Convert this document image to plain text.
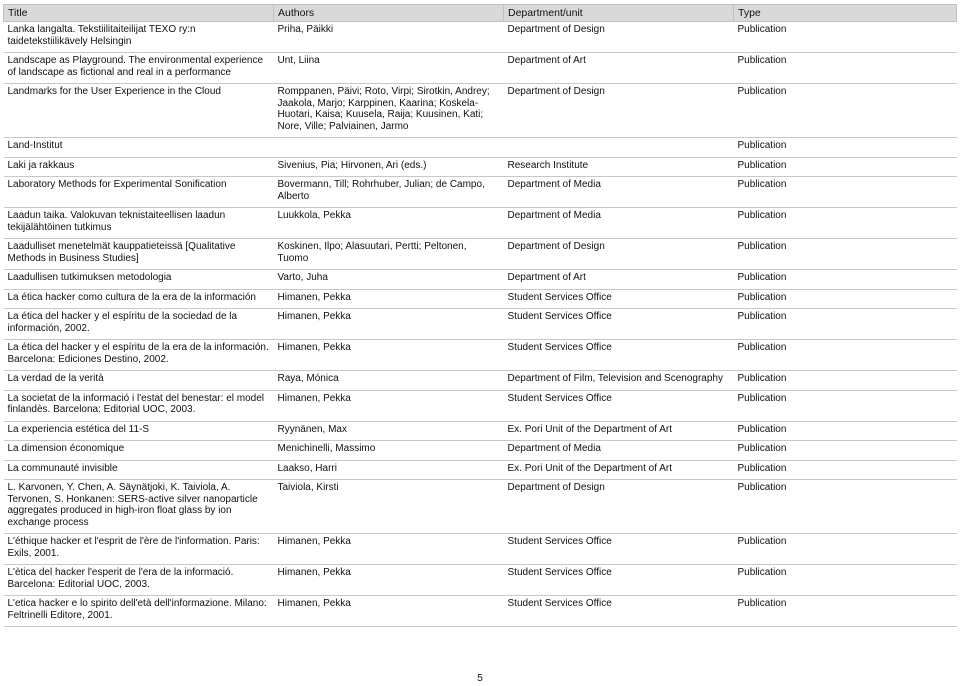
Title	Authors	Department/unit	Type
Lanka langalta. Tekstiilitaiteilijat TEXO ry:n taidetekstiilikävely Helsingin	Priha, Päikki	Department of Design	Publication
Landscape as Playground. The environmental experience of landscape as fictional and real in a performance	Unt, Liina	Department of Art	Publication
Landmarks for the User Experience in the Cloud	Romppanen, Päivi; Roto, Virpi; Sirotkin, Andrey; Jaakola, Marjo; Karppinen, Kaarina; Koskela-Huotari, Kaisa; Kuusela, Raija; Kuusinen, Kati; Nore, Ville; Palviainen, Jarmo	Department of Design	Publication
Land-Institut			Publication
Laki ja rakkaus	Sivenius, Pia; Hirvonen, Ari (eds.)	Research Institute	Publication
Laboratory Methods for Experimental Sonification	Bovermann, Till; Rohrhuber, Julian; de Campo, Alberto	Department of Media	Publication
Laadun taika. Valokuvan teknistaiteellisen laadun tekijälähtöinen tutkimus	Luukkola, Pekka	Department of Media	Publication
Laadulliset menetelmät kauppatieteissä [Qualitative Methods in Business Studies]	Koskinen, Ilpo; Alasuutari, Pertti; Peltonen, Tuomo	Department of Design	Publication
Laadullisen tutkimuksen metodologia	Varto, Juha	Department of Art	Publication
La ética hacker como cultura de la era de la información	Himanen, Pekka	Student Services Office	Publication
La ética del hacker y el espíritu de la sociedad de la información, 2002.	Himanen, Pekka	Student Services Office	Publication
La ética del hacker y el espíritu de la era de la información. Barcelona: Ediciones Destino, 2002.	Himanen, Pekka	Student Services Office	Publication
La verdad de la verità	Raya, Mónica	Department of Film, Television and Scenography	Publication
La societat de la informació i l'estat del benestar: el model finlandès. Barcelona: Editorial UOC, 2003.	Himanen, Pekka	Student Services Office	Publication
La experiencia estética del 11-S	Ryynänen, Max	Ex. Pori Unit of the Department of Art	Publication
La dimension économique	Menichinelli, Massimo	Department of Media	Publication
La communauté invisible	Laakso, Harri	Ex. Pori Unit of the Department of Art	Publication
L. Karvonen, Y. Chen, A. Säynätjoki, K. Taiviola, A. Tervonen, S. Honkanen: SERS-active silver nanoparticle aggregates produced in high-iron float glass by ion exchange process	Taiviola, Kirsti	Department of Design	Publication
L'éthique hacker et l'esprit de l'ère de l'information. Paris: Exils, 2001.	Himanen, Pekka	Student Services Office	Publication
L'ètica del hacker l'esperit de l'era de la informació. Barcelona: Editorial UOC, 2003.	Himanen, Pekka	Student Services Office	Publication
L'etica hacker e lo spirito dell'età dell'informazione. Milano: Feltrinelli Editore, 2001.	Himanen, Pekka	Student Services Office	Publication
5
